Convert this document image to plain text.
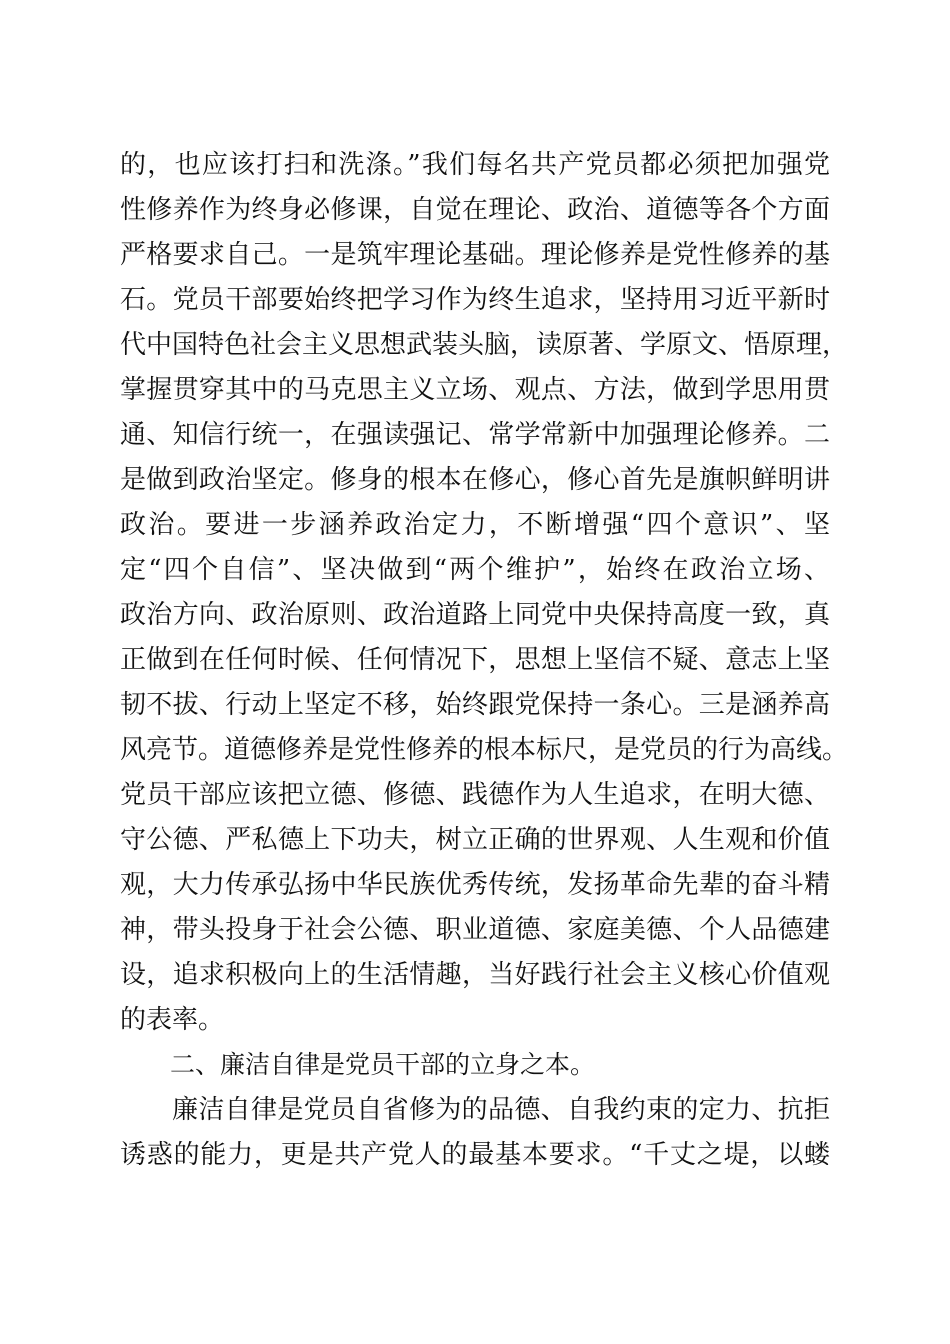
的，也应该打扫和洗涤。”我们每名共产党员都必须把加强党
性修养作为终身必修课，自觉在理论、政治、道德等各个方面
严格要求自己。一是筑牢理论基础。理论修养是党性修养的基
石。党员干部要始终把学习作为终生追求，坚持用习近平新时
代中国特色社会主义思想武装头脑，读原著、学原文、悟原理，
掌握贯穿其中的马克思主义立场、观点、方法，做到学思用贯
通、知信行统一，在强读强记、常学常新中加强理论修养。二
是做到政治坚定。修身的根本在修心，修心首先是旗帜鲜明讲
政治。要进一步涵养政治定力，不断增强“四个意识”、坚
定“四个自信”、坚决做到“两个维护”，始终在政治立场、
政治方向、政治原则、政治道路上同党中央保持高度一致，真
正做到在任何时候、任何情况下，思想上坚信不疑、意志上坚
韧不拔、行动上坚定不移，始终跟党保持一条心。三是涵养高
风亮节。道德修养是党性修养的根本标尺，是党员的行为高线。
党员干部应该把立德、修德、践德作为人生追求，在明大德、
守公德、严私德上下功夫，树立正确的世界观、人生观和价值
观，大力传承弘扬中华民族优秀传统，发扬革命先辈的奋斗精
神，带头投身于社会公德、职业道德、家庭美德、个人品德建
设，追求积极向上的生活情趣，当好践行社会主义核心价值观
的表率。
二、廉洁自律是党员干部的立身之本。
廉洁自律是党员自省修为的品德、自我约束的定力、抗拒
诱惑的能力，更是共产党人的最基本要求。“千丈之堤，以蝼
